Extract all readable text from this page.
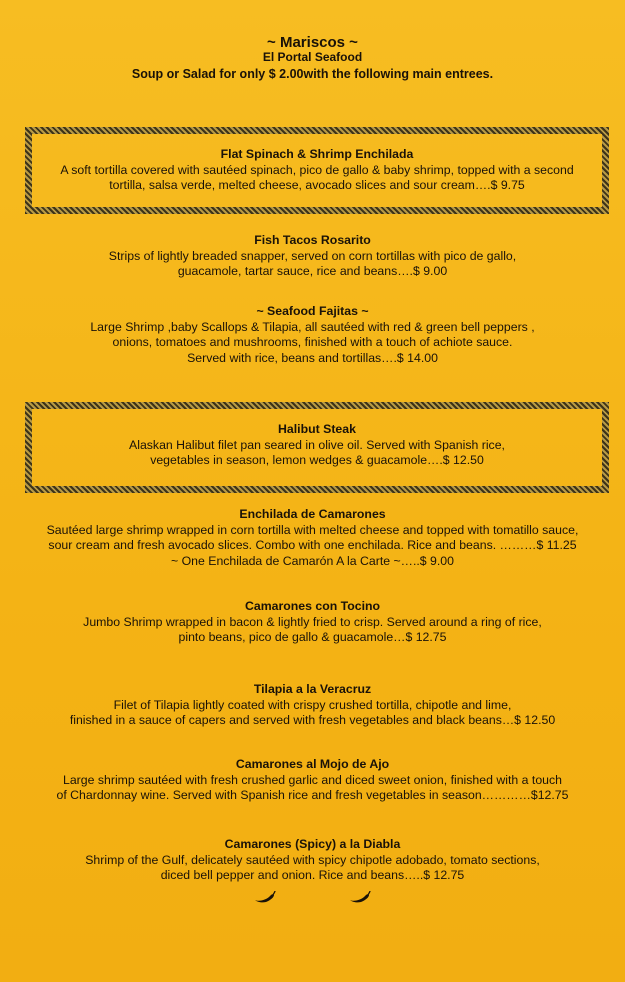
~ Mariscos ~
El Portal Seafood
Soup or Salad for only $ 2.00with the following main entrees.
Flat Spinach & Shrimp Enchilada
A soft tortilla covered with sautéed spinach, pico de gallo & baby shrimp, topped with a second
tortilla, salsa verde, melted cheese, avocado slices and sour cream….$ 9.75
Fish Tacos Rosarito
Strips of lightly breaded snapper, served on corn tortillas with pico de gallo,
guacamole, tartar sauce, rice and beans….$ 9.00
~ Seafood Fajitas ~
Large Shrimp ,baby Scallops & Tilapia, all sautéed with red & green bell peppers ,
onions, tomatoes and mushrooms, finished with a touch of achiote sauce.
Served with rice, beans and tortillas….$ 14.00
Halibut Steak
Alaskan Halibut filet pan seared in olive oil. Served with Spanish rice,
vegetables in season, lemon wedges & guacamole….$ 12.50
Enchilada de Camarones
Sautéed large shrimp wrapped in corn tortilla with melted cheese and topped with tomatillo sauce,
sour cream and fresh avocado slices. Combo with one enchilada. Rice and beans. ………$ 11.25
~ One Enchilada de Camarón A la Carte ~…..$ 9.00
Camarones con Tocino
Jumbo Shrimp wrapped in bacon & lightly fried to crisp. Served around a ring of rice,
pinto beans, pico de gallo & guacamole…$ 12.75
Tilapia a la Veracruz
Filet of Tilapia lightly coated with crispy crushed tortilla, chipotle and lime,
finished in a sauce of capers and served with fresh vegetables and black beans…$ 12.50
Camarones al Mojo de Ajo
Large shrimp sautéed with fresh crushed garlic and diced sweet onion, finished with a touch
of Chardonnay wine. Served with Spanish rice and fresh vegetables in season…………$12.75
Camarones (Spicy) a la Diabla
Shrimp of the Gulf, delicately sautéed with spicy chipotle adobado, tomato sections,
diced bell pepper and onion. Rice and beans…..$ 12.75
